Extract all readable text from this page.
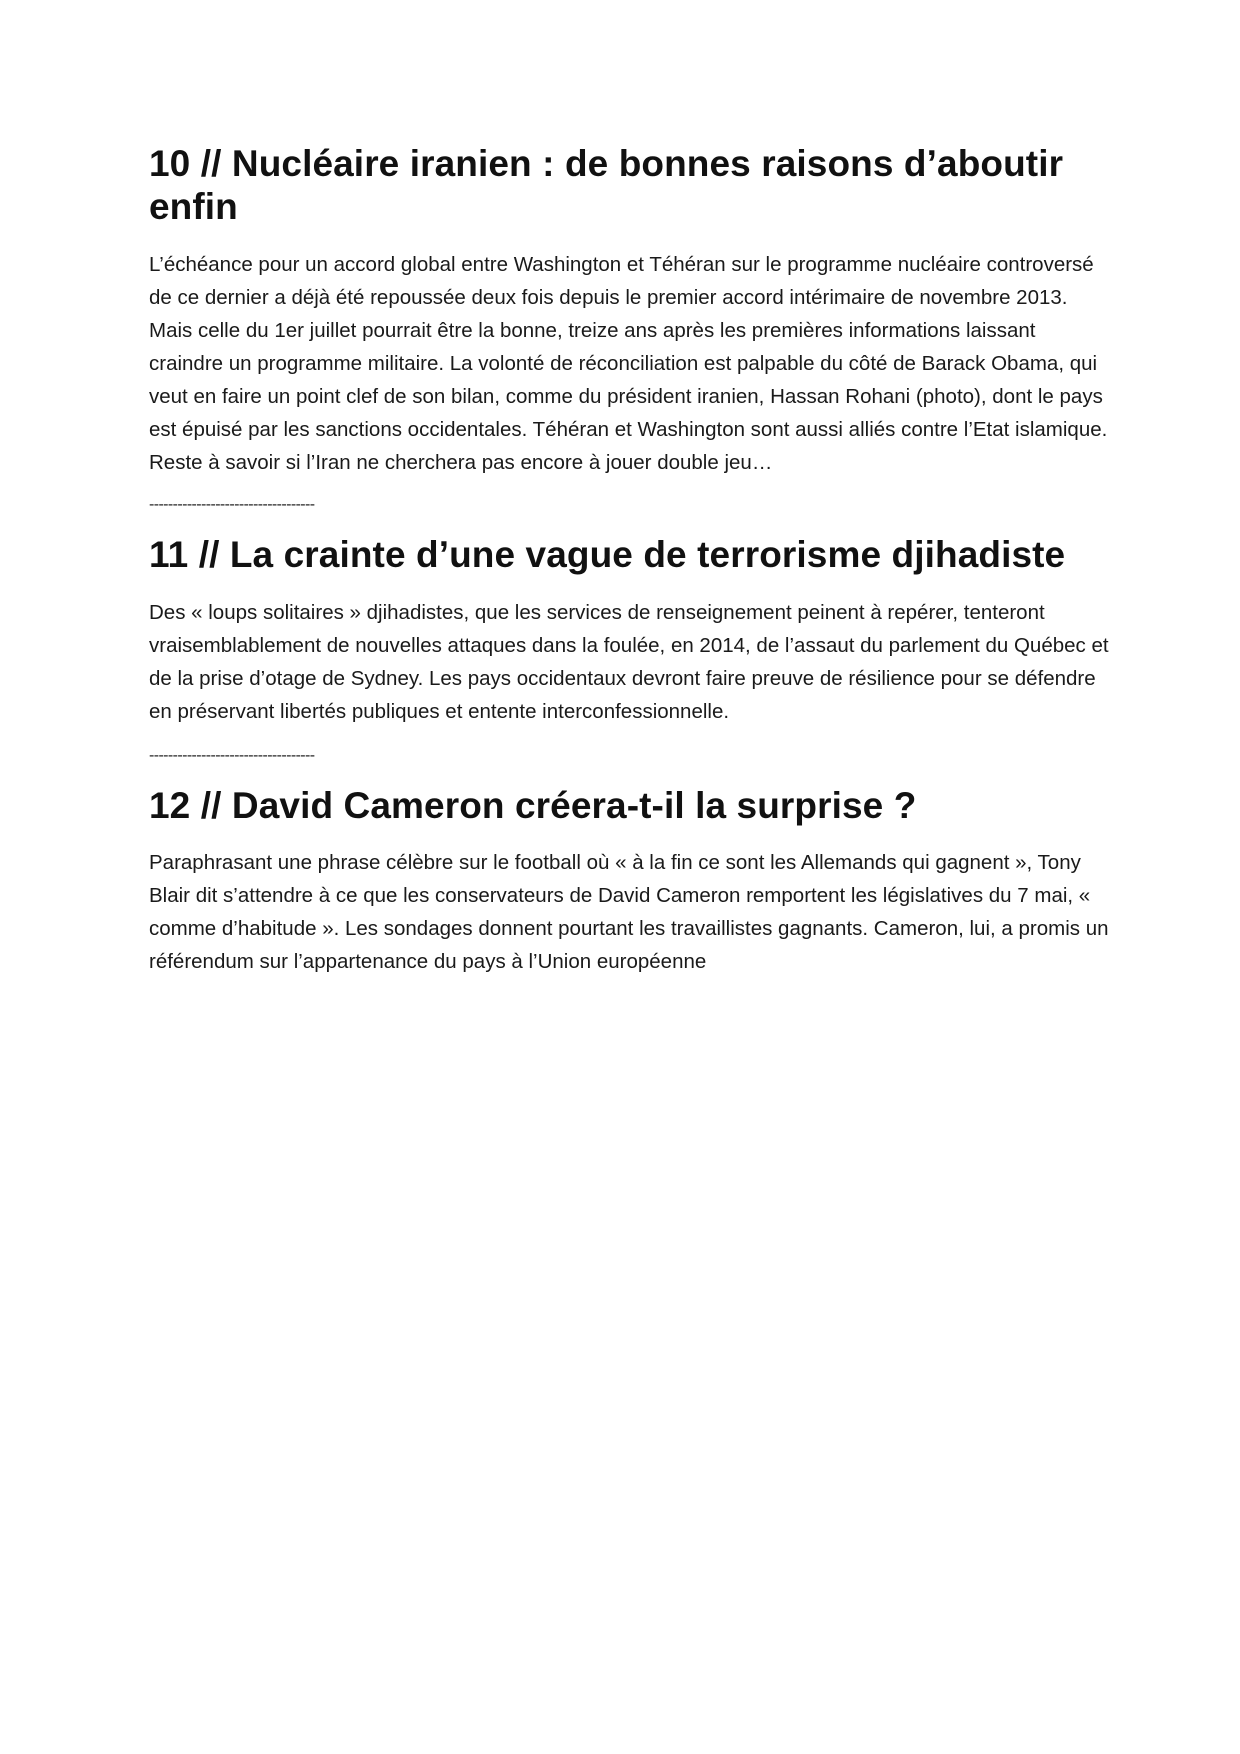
10 // Nucléaire iranien : de bonnes raisons d’aboutir enfin

L’échéance pour un accord global entre Washington et Téhéran sur le programme nucléaire controversé de ce dernier a déjà été repoussée deux fois depuis le premier accord intérimaire de novembre 2013. Mais celle du 1er juillet pourrait être la bonne, treize ans après les premières informations laissant craindre un programme militaire. La volonté de réconciliation est palpable du côté de Barack Obama, qui veut en faire un point clef de son bilan, comme du président iranien, Hassan Rohani (photo), dont le pays est épuisé par les sanctions occidentales. Téhéran et Washington sont aussi alliés contre l’Etat islamique. Reste à savoir si l’Iran ne cherchera pas encore à jouer double jeu…

-----------------------------------
11 // La crainte d’une vague de terrorisme djihadiste

Des « loups solitaires » djihadistes, que les services de renseignement peinent à repérer, tenteront vraisemblablement de nouvelles attaques dans la foulée, en 2014, de l’assaut du parlement du Québec et de la prise d’otage de Sydney. Les pays occidentaux devront faire preuve de résilience pour se défendre en préservant libertés publiques et entente interconfessionnelle.

-----------------------------------
12 // David Cameron créera-t-il la surprise ?

Paraphrasant une phrase célèbre sur le football où « à la fin ce sont les Allemands qui gagnent », Tony Blair dit s’attendre à ce que les conservateurs de David Cameron remportent les législatives du 7 mai, « comme d’habitude ». Les sondages donnent pourtant les travaillistes gagnants. Cameron, lui, a promis un référendum sur l’appartenance du pays à l’Union européenne
